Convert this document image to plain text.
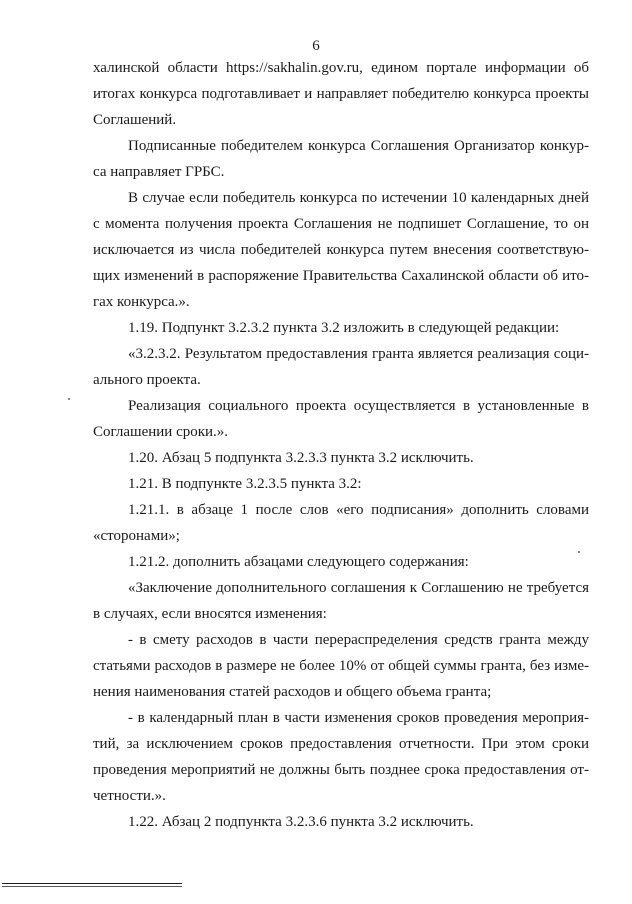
6

халинской области https://sakhalin.gov.ru, едином портале информации об
итогах конкурса подготавливает и направляет победителю конкурса проекты
Соглашений.
Подписанные победителем конкурса Соглашения Организатор конкур-
са направляет ГРБС.
В случае если победитель конкурса по истечении 10 календарных дней
с момента получения проекта Соглашения не подпишет Соглашение, то он
исключается из числа победителей конкурса путем внесения соответствую-
щих изменений в распоряжение Правительства Сахалинской области об ито-
гах конкурса.».
1.19. Подпункт 3.2.3.2 пункта 3.2 изложить в следующей редакции:
«3.2.3.2. Результатом предоставления гранта является реализация соци-
ального проекта.
Реализация социального проекта осуществляется в установленные в
Соглашении сроки.».
1.20. Абзац 5 подпункта 3.2.3.3 пункта 3.2 исключить.
1.21. В подпункте 3.2.3.5 пункта 3.2:
1.21.1. в абзаце 1 после слов «его подписания» дополнить словами
«сторонами»;
1.21.2. дополнить абзацами следующего содержания:
«Заключение дополнительного соглашения к Соглашению не требуется
в случаях, если вносятся изменения:
- в смету расходов в части перераспределения средств гранта между
статьями расходов в размере не более 10% от общей суммы гранта, без изме-
нения наименования статей расходов и общего объема гранта;
- в календарный план в части изменения сроков проведения мероприя-
тий, за исключением сроков предоставления отчетности. При этом сроки
проведения мероприятий не должны быть позднее срока предоставления от-
четности.».
1.22. Абзац 2 подпункта 3.2.3.6 пункта 3.2 исключить.
